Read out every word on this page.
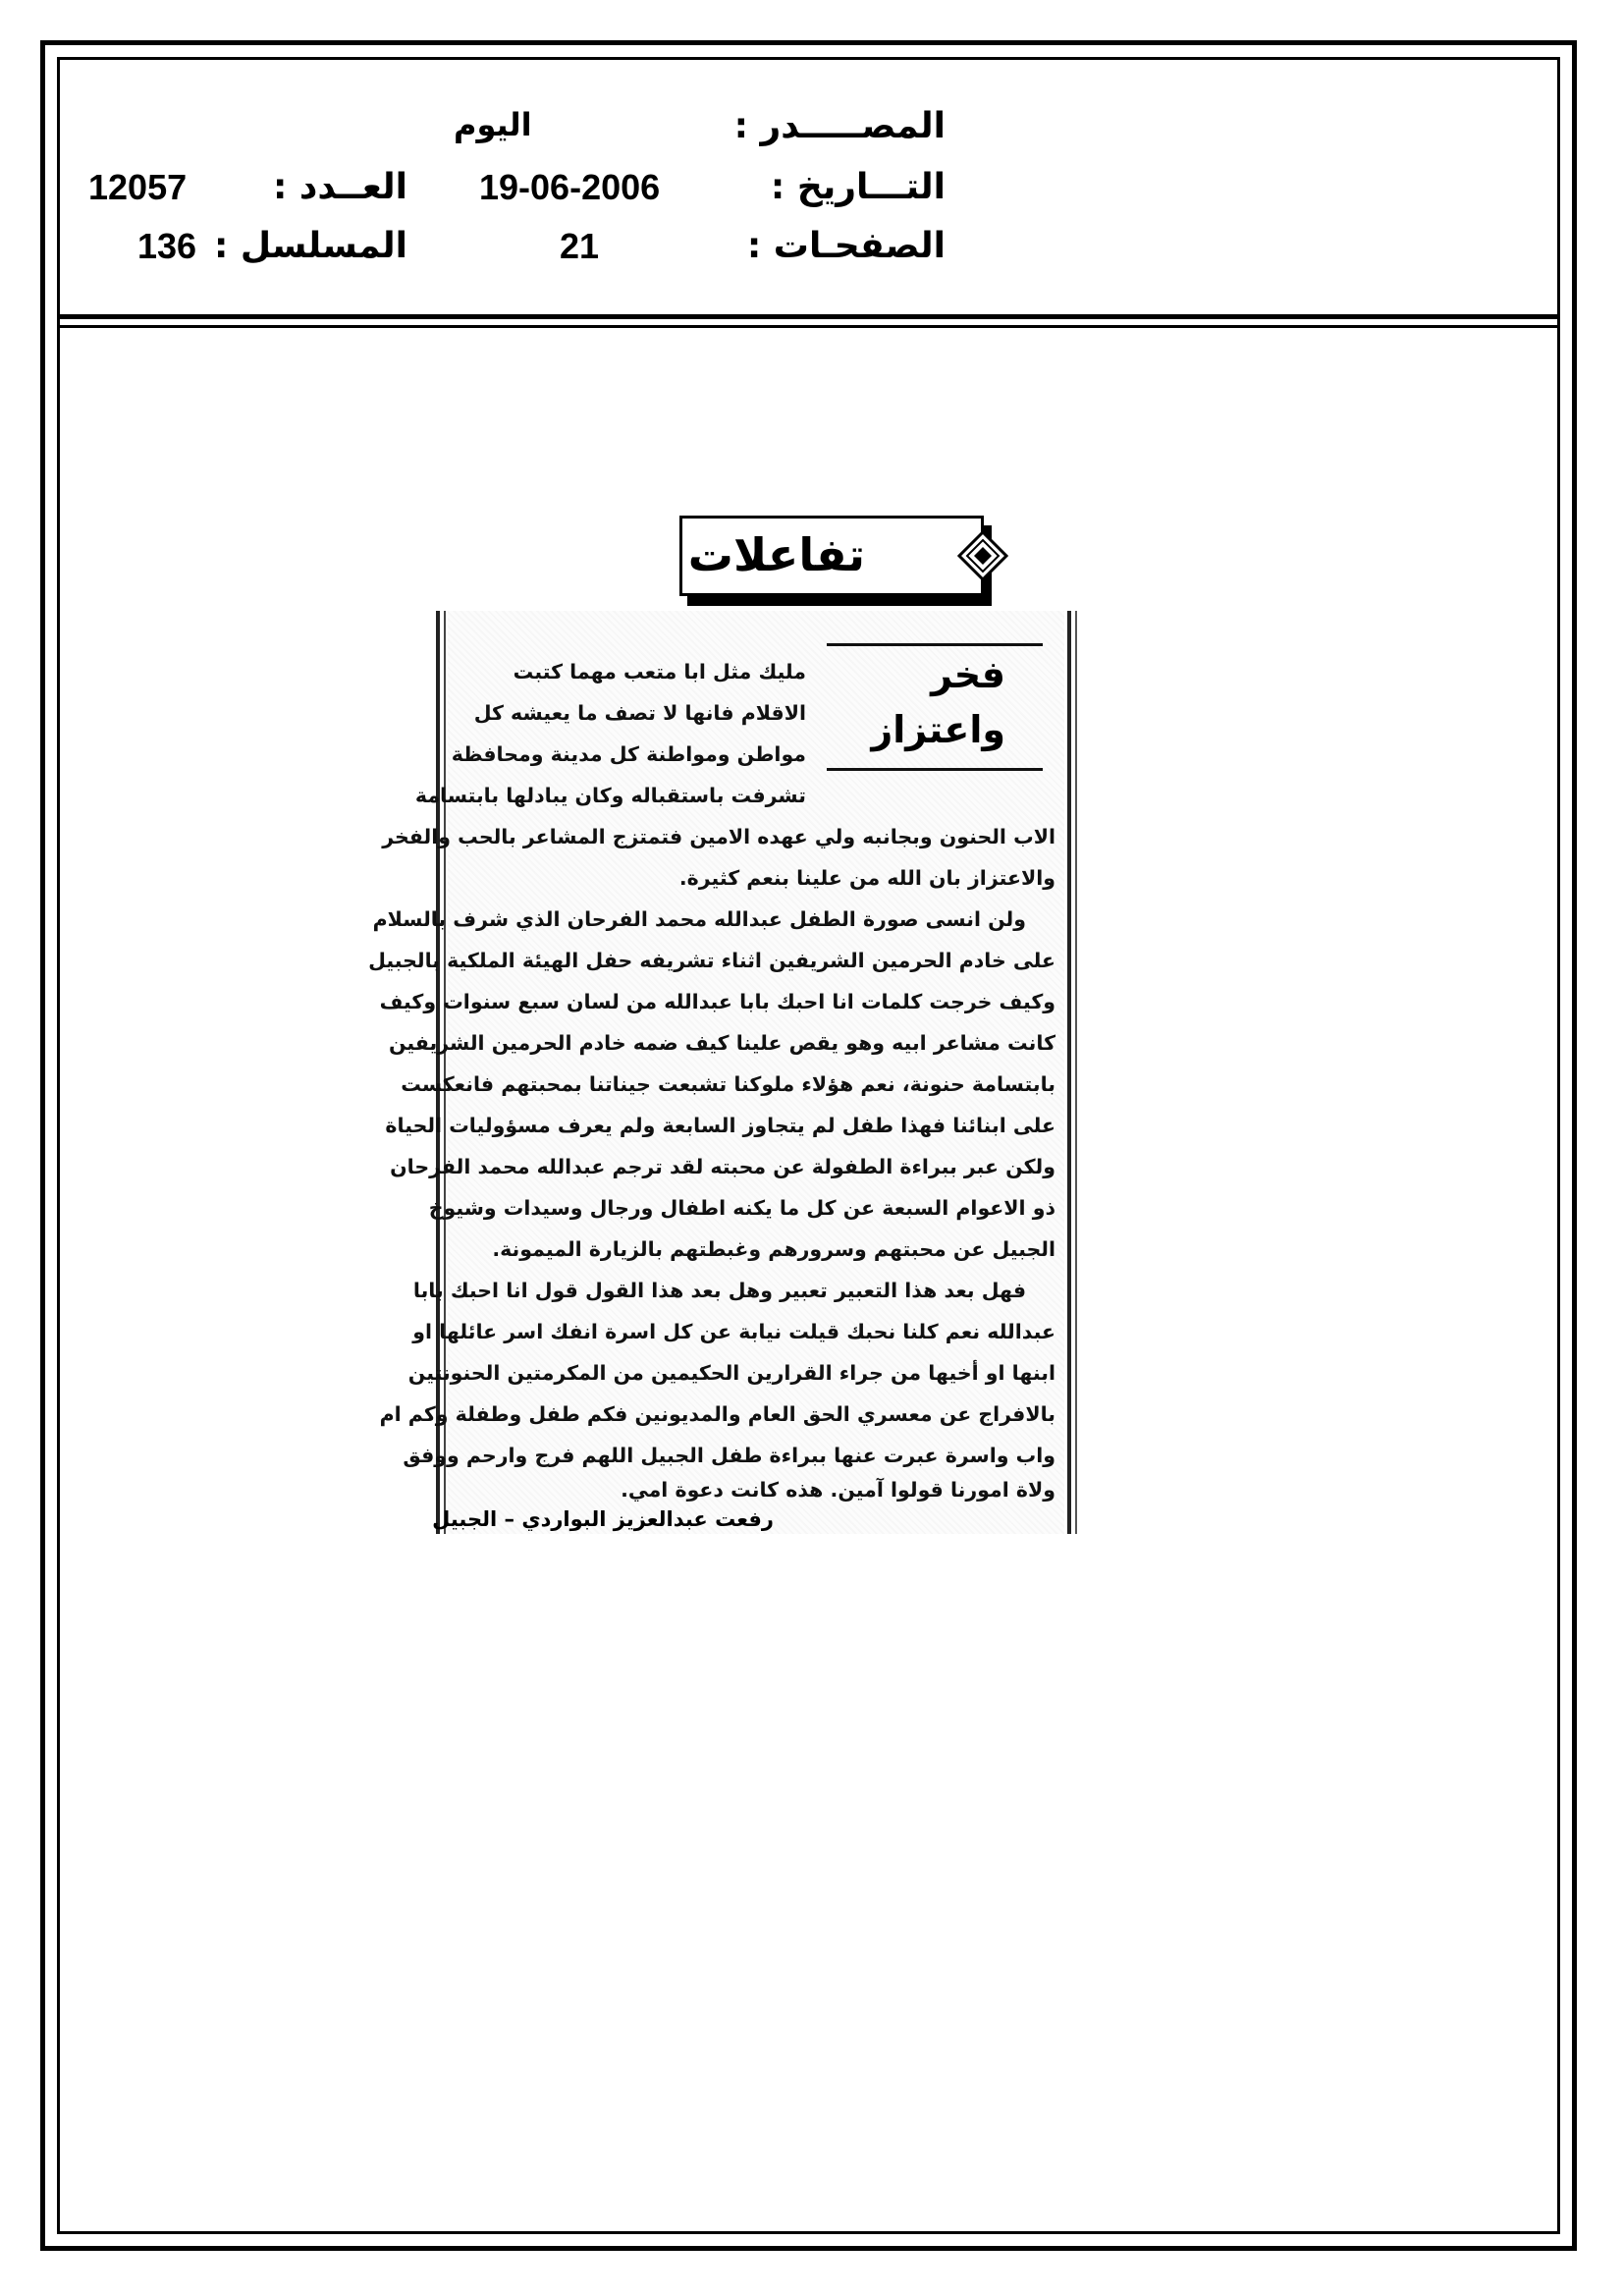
المصـــــدر :
اليوم
التـــاريخ :
19-06-2006
العــدد :
12057
الصفحـات :
21
المسلسل :
136
تفاعلات
فخر
واعتزاز
مليك مثل ابا متعب مهما كتبت
الاقلام فانها لا تصف ما يعيشه كل
مواطن ومواطنة كل مدينة ومحافظة
تشرفت باستقباله وكان يبادلها بابتسامة
الاب الحنون وبجانبه ولي عهده الامين فتمتزج المشاعر بالحب والفخر
والاعتزاز بان الله من علينا بنعم كثيرة.
ولن انسى صورة الطفل عبدالله محمد الفرحان الذي شرف بالسلام
على خادم الحرمين الشريفين اثناء تشريفه حفل الهيئة الملكية بالجبيل
وكيف خرجت كلمات انا احبك بابا عبدالله من لسان سبع سنوات وكيف
كانت مشاعر ابيه وهو يقص علينا كيف ضمه خادم الحرمين الشريفين
بابتسامة حنونة، نعم هؤلاء ملوكنا تشبعت جيناتنا بمحبتهم فانعكست
على ابنائنا فهذا طفل لم يتجاوز السابعة ولم يعرف مسؤوليات الحياة
ولكن عبر ببراءة الطفولة عن محبته لقد ترجم عبدالله محمد الفرحان
ذو الاعوام السبعة عن كل ما يكنه اطفال ورجال وسيدات وشيوخ
الجبيل عن محبتهم وسرورهم وغبطتهم بالزيارة الميمونة.
فهل بعد هذا التعبير تعبير وهل بعد هذا القول قول انا احبك بابا
عبدالله نعم كلنا نحبك قيلت نيابة عن كل اسرة انفك اسر عائلها او
ابنها او أخيها من جراء القرارين الحكيمين من المكرمتين الحنونتين
بالافراج عن معسري الحق العام والمديونين فكم طفل وطفلة وكم ام
واب واسرة عبرت عنها ببراءة طفل الجبيل اللهم فرج وارحم ووفق
ولاة امورنا قولوا آمين. هذه كانت دعوة امي.
رفعت عبدالعزيز البواردي – الجبيل
